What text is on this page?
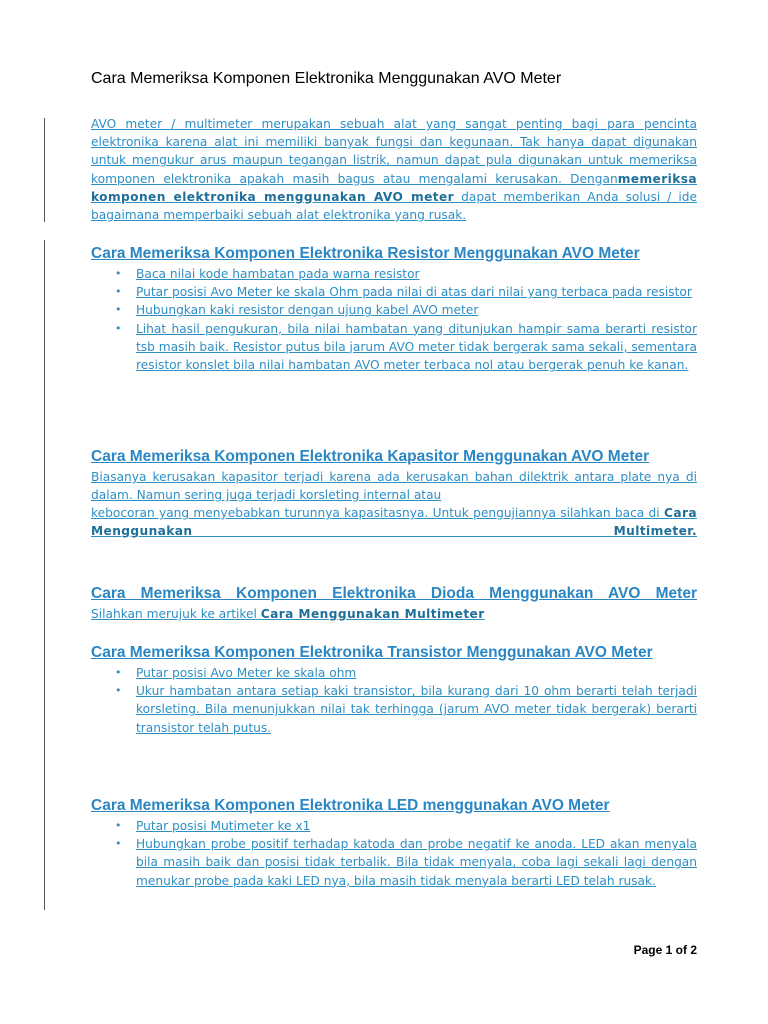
Cara Memeriksa Komponen Elektronika Menggunakan AVO Meter

AVO meter / multimeter merupakan sebuah alat yang sangat penting bagi para pencinta elektronika karena alat ini memiliki banyak fungsi dan kegunaan. Tak hanya dapat digunakan untuk mengukur arus maupun tegangan listrik, namun dapat pula digunakan untuk memeriksa komponen elektronika apakah masih bagus atau mengalami kerusakan. Denganmemeriksa komponen elektronika menggunakan AVO meter dapat memberikan Anda solusi / ide bagaimana memperbaiki sebuah alat elektronika yang rusak.

Cara Memeriksa Komponen Elektronika Resistor Menggunakan AVO Meter
• Baca nilai kode hambatan pada warna resistor
• Putar posisi Avo Meter ke skala Ohm pada nilai di atas dari nilai yang terbaca pada resistor
• Hubungkan kaki resistor dengan ujung kabel AVO meter
• Lihat hasil pengukuran, bila nilai hambatan yang ditunjukan hampir sama berarti resistor tsb masih baik. Resistor putus bila jarum AVO meter tidak bergerak sama sekali, sementara resistor konslet bila nilai hambatan AVO meter terbaca nol atau bergerak penuh ke kanan.
Cara Memeriksa Komponen Elektronika Kapasitor Menggunakan AVO Meter

Biasanya kerusakan kapasitor terjadi karena ada kerusakan bahan dilektrik antara plate nya di dalam. Namun sering juga terjadi korsleting internal atau

kebocoran yang menyebabkan turunnya kapasitasnya. Untuk pengujiannya silahkan baca di Cara Menggunakan Multimeter.

Cara Memeriksa Komponen Elektronika Dioda Menggunakan AVO Meter

Silahkan merujuk ke artikel Cara Menggunakan Multimeter

Cara Memeriksa Komponen Elektronika Transistor Menggunakan AVO Meter
• Putar posisi Avo Meter ke skala ohm
• Ukur hambatan antara setiap kaki transistor, bila kurang dari 10 ohm berarti telah terjadi korsleting. Bila menunjukkan nilai tak terhingga (jarum AVO meter tidak bergerak) berarti transistor telah putus.
Cara Memeriksa Komponen Elektronika LED menggunakan AVO Meter
• Putar posisi Mutimeter ke x1
• Hubungkan probe positif terhadap katoda dan probe negatif ke anoda. LED akan menyala bila masih baik dan posisi tidak terbalik. Bila tidak menyala, coba lagi sekali lagi dengan menukar probe pada kaki LED nya, bila masih tidak menyala berarti LED telah rusak.
Page 1 of 2
